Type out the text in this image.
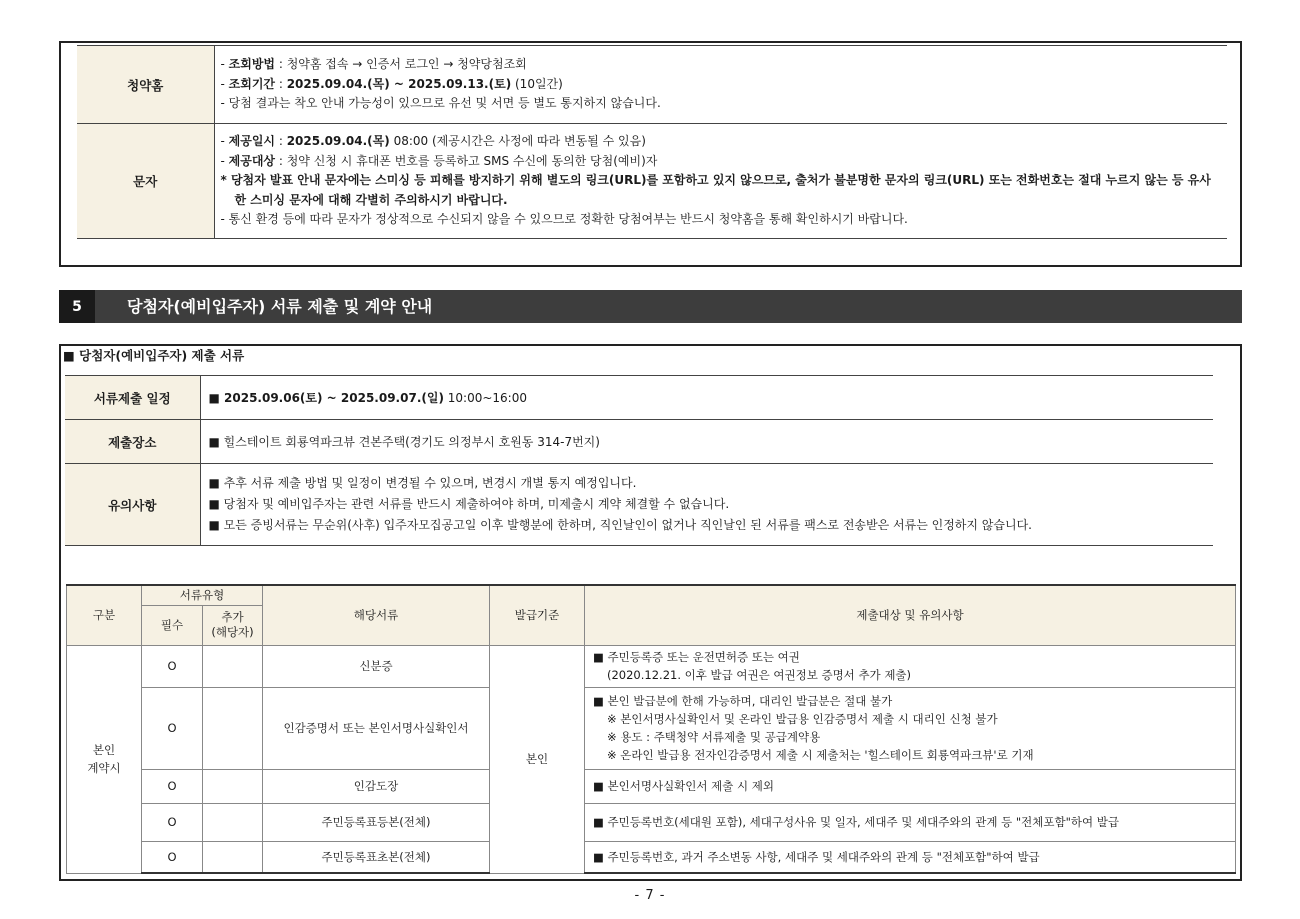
청약홈	- 조회방법 : 청약홈 접속 → 인증서 로그인 → 청약당첨조회
- 조회기간 : 2025.09.04.(목) ~ 2025.09.13.(토) (10일간)
- 당첨 결과는 착오 안내 가능성이 있으므로 유선 및 서면 등 별도 통지하지 않습니다.

문자	- 제공일시 : 2025.09.04.(목) 08:00 (제공시간은 사정에 따라 변동될 수 있음)
- 제공대상 : 청약 신청 시 휴대폰 번호를 등록하고 SMS 수신에 동의한 당첨(예비)자
* 당첨자 발표 안내 문자에는 스미싱 등 피해를 방지하기 위해 별도의 링크(URL)를 포함하고 있지 않으므로, 출처가 불분명한 문자의 링크(URL) 또는 전화번호는 절대 누르지 않는 등 유사한 스미싱 문자에 대해 각별히 주의하시기 바랍니다.
- 통신 환경 등에 따라 문자가 정상적으로 수신되지 않을 수 있으므로 정확한 당첨여부는 반드시 청약홈을 통해 확인하시기 바랍니다.
5	당첨자(예비입주자) 서류 제출 및 계약 안내
■ 당첨자(예비입주자) 제출 서류
서류제출 일정	■ 2025.09.06(토) ~ 2025.09.07.(일) 10:00~16:00
제출장소	■ 힐스테이트 회룡역파크뷰 견본주택(경기도 의정부시 호원동 314-7번지)
유의사항	■ 추후 서류 제출 방법 및 일정이 변경될 수 있으며, 변경시 개별 통지 예정입니다.
■ 당첨자 및 예비입주자는 관련 서류를 반드시 제출하여야 하며, 미제출시 계약 체결할 수 없습니다.
■ 모든 증빙서류는 무순위(사후) 입주자모집공고일 이후 발행분에 한하며, 직인날인이 없거나 직인날인 된 서류를 팩스로 전송받은 서류는 인정하지 않습니다.
구분	서류유형		해당서류	발급기준	제출대상 및 유의사항
	필수	추가
(해당자)			
본인
계약시	O		신분증	본인	■ 주민등록증 또는 운전면허증 또는 여권
(2020.12.21. 이후 발급 여권은 여권정보 증명서 추가 제출)

	O		인감증명서 또는 본인서명사실확인서		■ 본인 발급분에 한해 가능하며, 대리인 발급분은 절대 불가
※ 본인서명사실확인서 및 온라인 발급용 인감증명서 제출 시 대리인 신청 불가
※ 용도 : 주택청약 서류제출 및 공급계약용
※ 온라인 발급용 전자인감증명서 제출 시 제출처는 '힐스테이트 회룡역파크뷰'로 기재

	O		인감도장		■ 본인서명사실확인서 제출 시 제외
	O		주민등록표등본(전체)		■ 주민등록번호(세대원 포함), 세대구성사유 및 일자, 세대주 및 세대주와의 관계 등 "전체포함"하여 발급
	O		주민등록표초본(전체)		■ 주민등록번호, 과거 주소변동 사항, 세대주 및 세대주와의 관계 등 "전체포함"하여 발급
- 7 -
